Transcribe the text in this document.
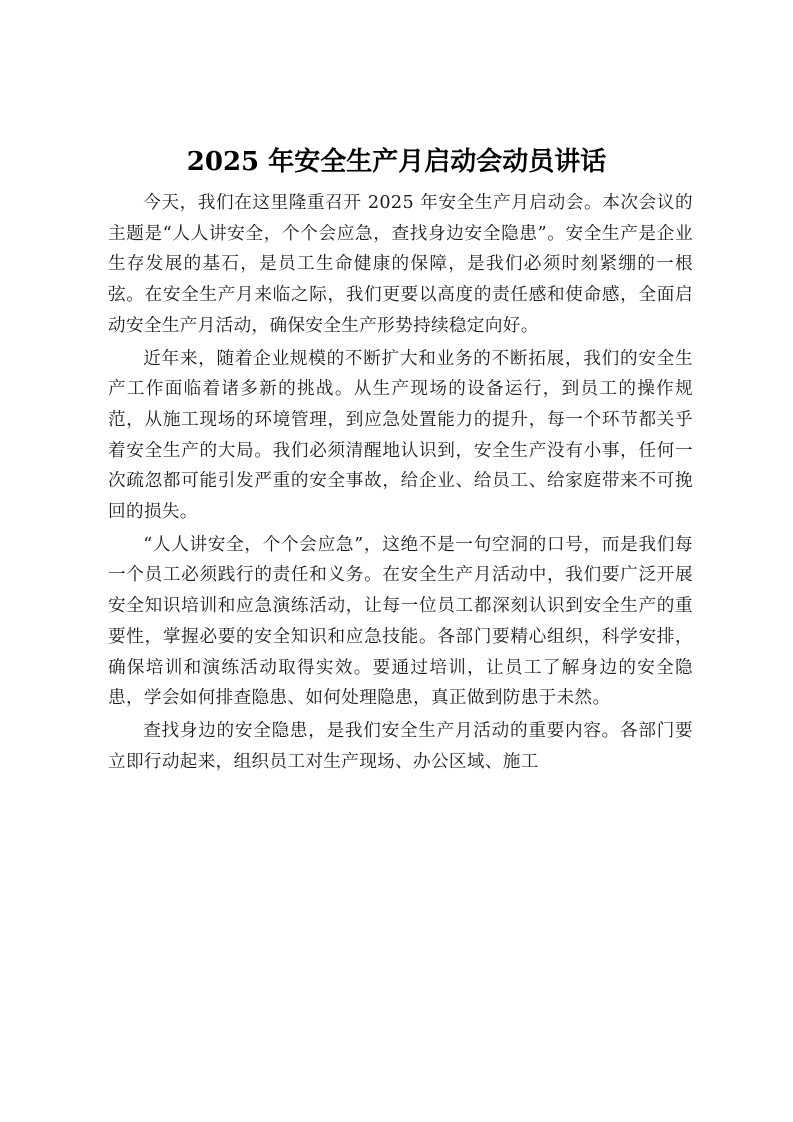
2025 年安全生产月启动会动员讲话

今天，我们在这里隆重召开 2025 年安全生产月启动会。本次会议的主题是“人人讲安全，个个会应急，查找身边安全隐患”。安全生产是企业生存发展的基石，是员工生命健康的保障，是我们必须时刻紧绷的一根弦。在安全生产月来临之际，我们更要以高度的责任感和使命感，全面启动安全生产月活动，确保安全生产形势持续稳定向好。

近年来，随着企业规模的不断扩大和业务的不断拓展，我们的安全生产工作面临着诸多新的挑战。从生产现场的设备运行，到员工的操作规范，从施工现场的环境管理，到应急处置能力的提升，每一个环节都关乎着安全生产的大局。我们必须清醒地认识到，安全生产没有小事，任何一次疏忽都可能引发严重的安全事故，给企业、给员工、给家庭带来不可挽回的损失。

“人人讲安全，个个会应急”，这绝不是一句空洞的口号，而是我们每一个员工必须践行的责任和义务。在安全生产月活动中，我们要广泛开展安全知识培训和应急演练活动，让每一位员工都深刻认识到安全生产的重要性，掌握必要的安全知识和应急技能。各部门要精心组织，科学安排，确保培训和演练活动取得实效。要通过培训，让员工了解身边的安全隐患，学会如何排查隐患、如何处理隐患，真正做到防患于未然。

查找身边的安全隐患，是我们安全生产月活动的重要内容。各部门要立即行动起来，组织员工对生产现场、办公区域、施工
